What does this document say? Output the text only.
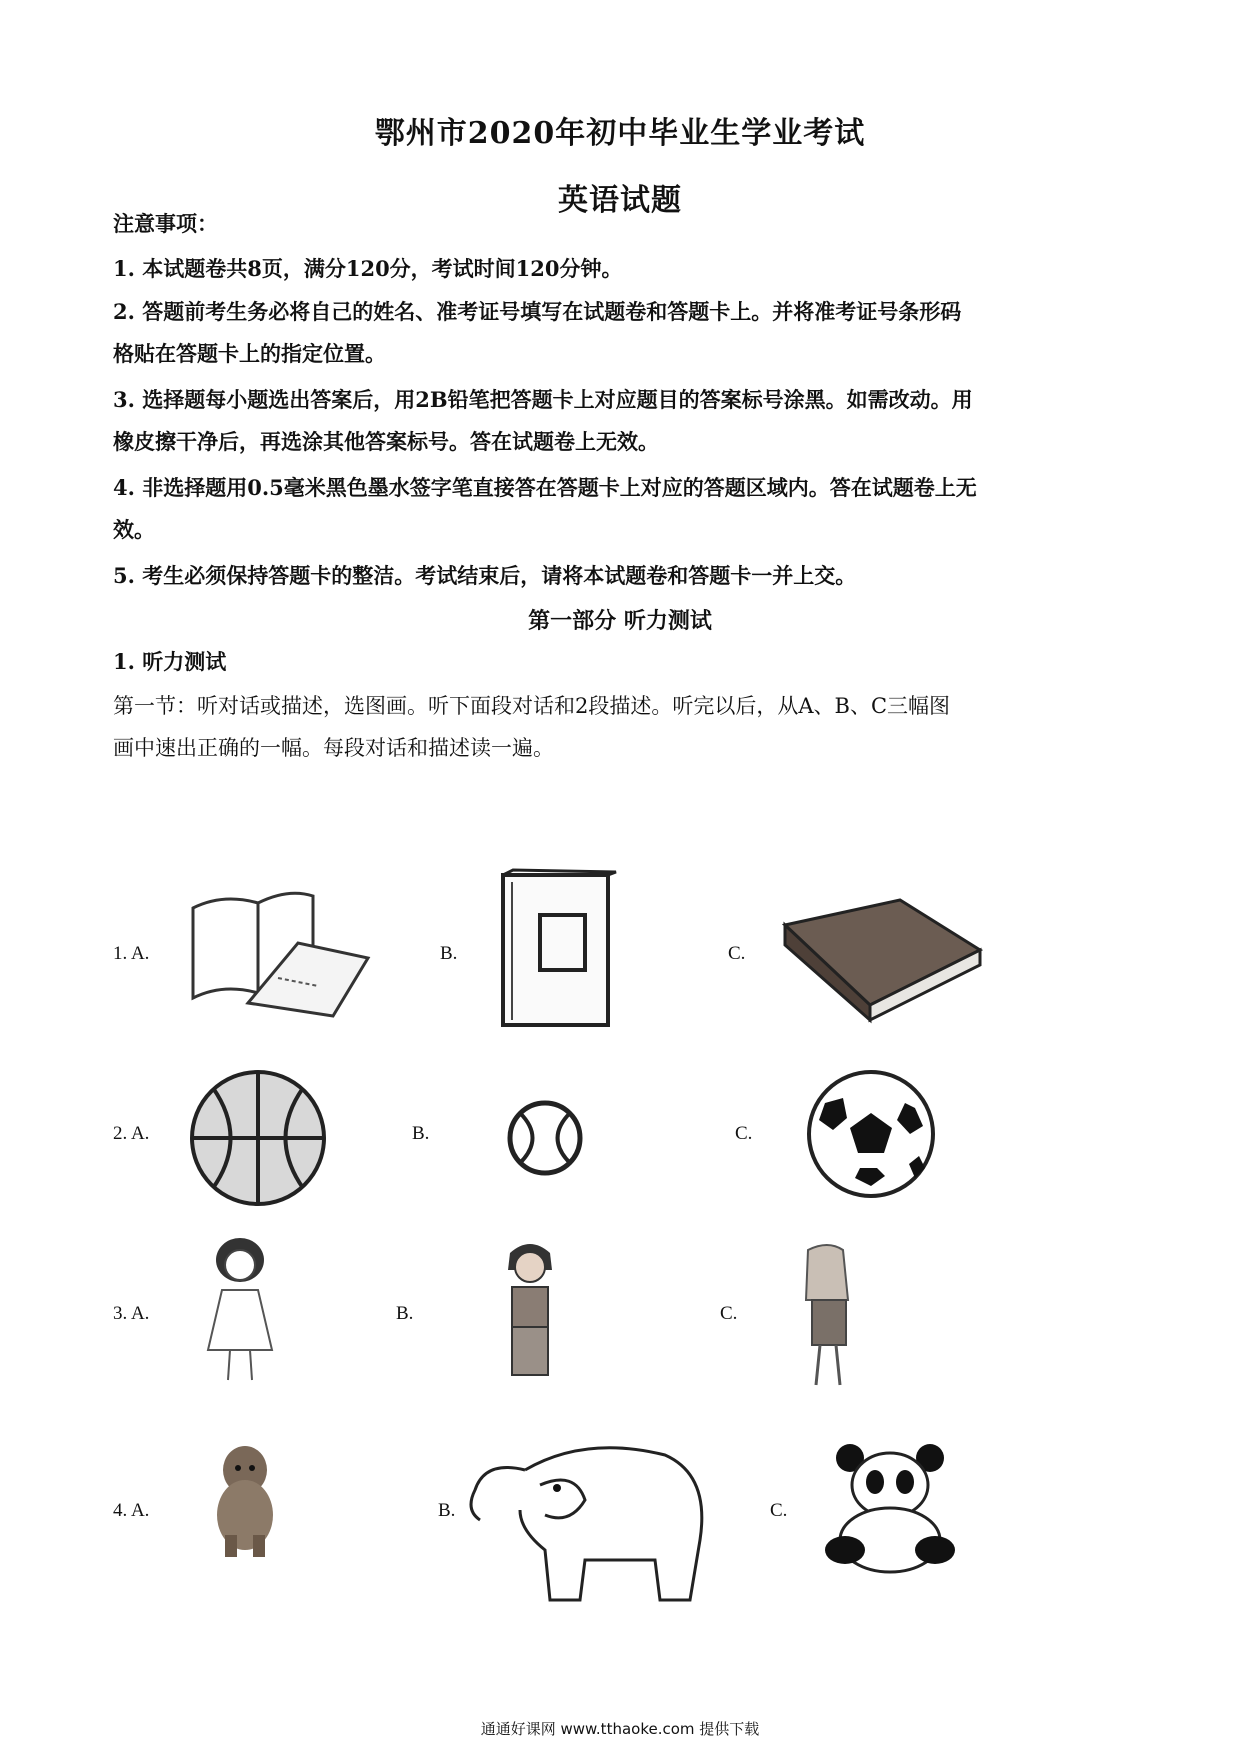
鄂州市2020年初中毕业生学业考试
英语试题
注意事项：
1. 本试题卷共8页，满分120分，考试时间120分钟。
2. 答题前考生务必将自己的姓名、准考证号填写在试题卷和答题卡上。并将准考证号条形码
格贴在答题卡上的指定位置。
3. 选择题每小题选出答案后，用2B铅笔把答题卡上对应题目的答案标号涂黑。如需改动。用
橡皮擦干净后，再选涂其他答案标号。答在试题卷上无效。
4. 非选择题用0.5毫米黑色墨水签字笔直接答在答题卡上对应的答题区域内。答在试题卷上无
效。
5. 考生必须保持答题卡的整洁。考试结束后，请将本试题卷和答题卡一并上交。
第一部分 听力测试
1. 听力测试
第一节：听对话或描述，选图画。听下面段对话和2段描述。听完以后，从A、B、C三幅图
画中速出正确的一幅。每段对话和描述读一遍。
1. A.	B.	C.
2. A.	B.	C.
3. A.	B.	C.
4. A.	B.	C.
通通好课网 www.tthaoke.com 提供下载
